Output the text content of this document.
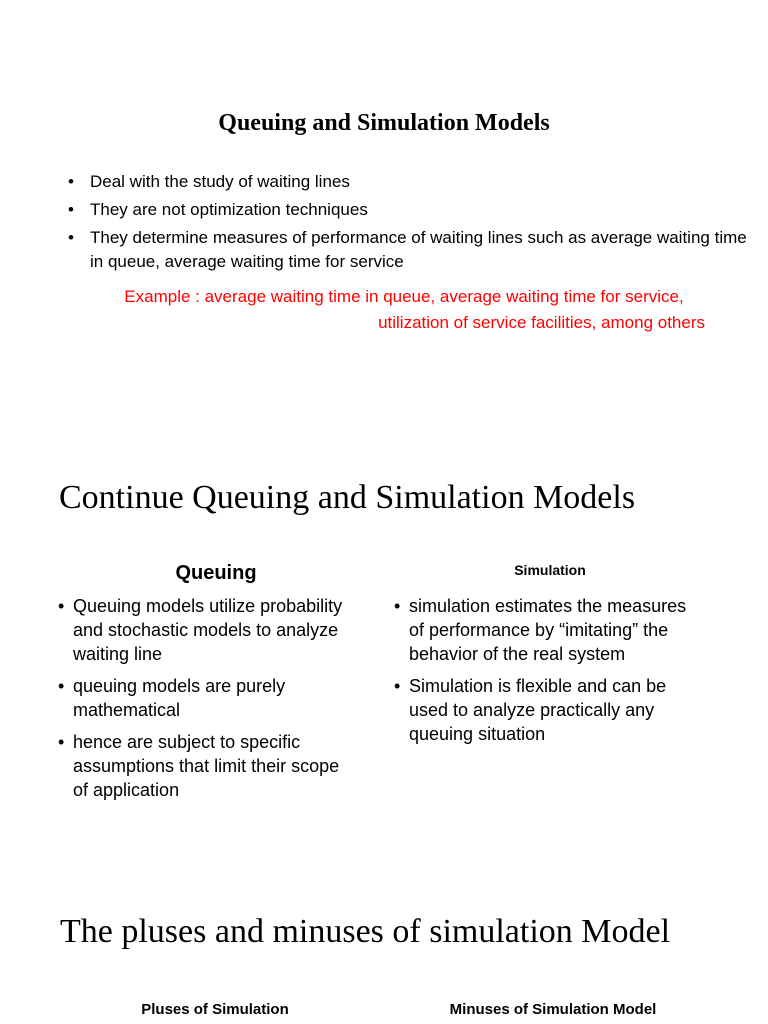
Queuing and Simulation Models
• Deal with the study of waiting lines
• They are not optimization techniques
• They determine measures of performance of waiting lines such as average waiting time in queue, average waiting time for service
Example : average waiting time in queue, average waiting time for service,
utilization of service facilities, among others
Continue Queuing and Simulation Models
Queuing	Simulation
• Queuing models utilize probability and stochastic models to analyze waiting line
• queuing models are purely mathematical
• hence are subject to specific assumptions that limit their scope of application
• simulation estimates the measures of performance by “imitating” the behavior of the real system
• Simulation is flexible and can be used to analyze practically any queuing situation
The pluses and minuses of simulation Model
Pluses of Simulation	Minuses of Simulation Model
